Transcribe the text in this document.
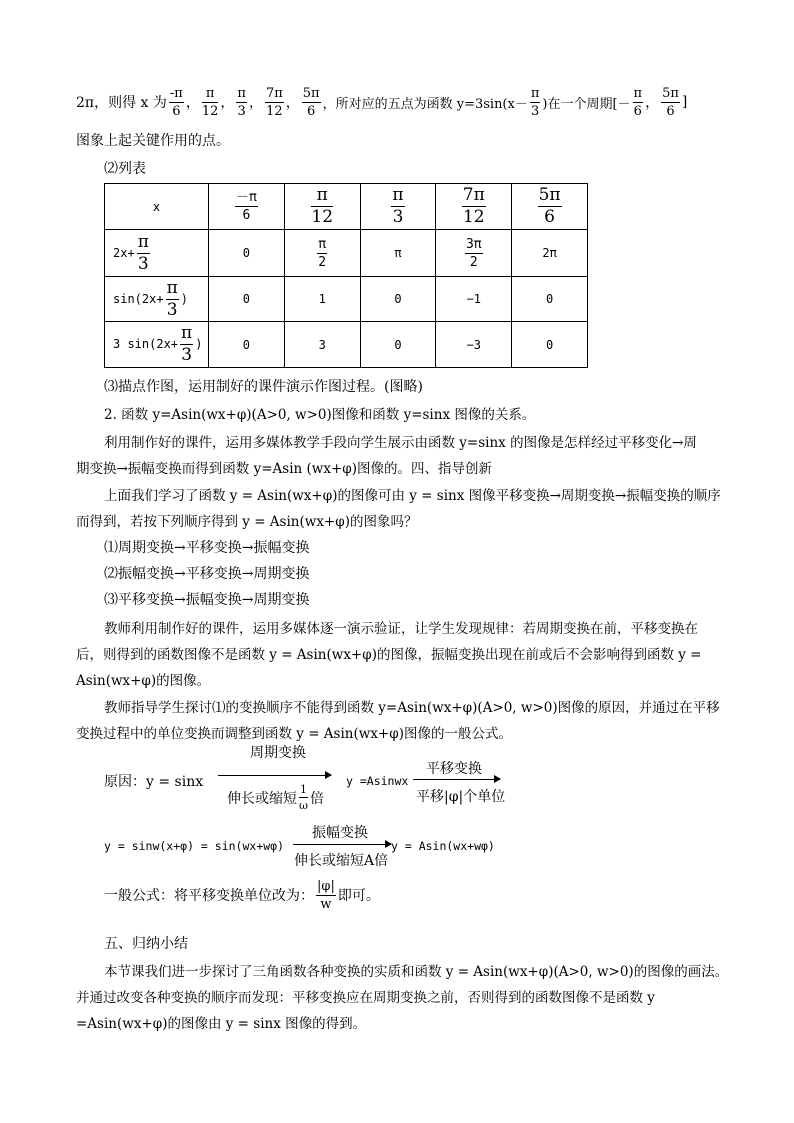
2π，则得 x 为 $\frac{-\pi}{6}$ ， $\frac{\pi}{12}$ ， $\frac{\pi}{3}$ ， $\frac{7\pi}{12}$ ， $\frac{5\pi}{6}$ ，所对应的五点为函数 $y=3\sin(x- \frac{\pi}{3}$ )在一个周期[－ $\frac{\pi}{6}$ ， $\frac{5\pi}{6}$ ]
图象上起关键作用的点。
⑵列表
x	$\frac{-\pi}{6}$	$\frac{\pi}{12}$	$\frac{\pi}{3}$	$\frac{7\pi}{12}$	$\frac{5\pi}{6}$

$2x+ \frac{\pi}{3}$	0	$\frac{\pi}{2}$	π	$\frac{3\pi}{2}$	2π
$\sin(2x+ \frac{\pi}{3}$ )	0	1	0	−1	0
3 $\sin(2x+ \frac{\pi}{3}$ )	0	3	0	−3	0
⑶描点作图，运用制好的课件演示作图过程。(图略)
2. 函数 y=Asin(wx+φ)(A>0, w>0)图像和函数 y=sinx 图像的关系。
利用制作好的课件，运用多媒体教学手段向学生展示由函数 y=sinx 的图像是怎样经过平移变化→周
期变换→振幅变换而得到函数 y=Asin (wx+φ)图像的。四、指导创新
上面我们学习了函数 y = Asin(wx+φ)的图像可由 y = sinx 图像平移变换→周期变换→振幅变换的顺序
而得到，若按下列顺序得到 y = Asin(wx+φ)的图象吗？
⑴周期变换→平移变换→振幅变换
⑵振幅变换→平移变换→周期变换
⑶平移变换→振幅变换→周期变换
教师利用制作好的课件，运用多媒体逐一演示验证，让学生发现规律：若周期变换在前，平移变换在
后，则得到的函数图像不是函数 y = Asin(wx+φ)的图像，振幅变换出现在前或后不会影响得到函数 y =
Asin(wx+φ)的图像。
教师指导学生探讨⑴的变换顺序不能得到函数 y=Asin(wx+φ)(A>0, w>0)图像的原因，并通过在平移
变换过程中的单位变换而调整到函数 y = Asin(wx+φ)图像的一般公式。
原因：y = sinx
周期变换
伸长或缩短 $\frac{1}{\omega}$ 倍
y =Asinwx
平移变换
平移|φ|个单位
y = sinw(x+φ) = sin(wx+wφ)
振幅变换
伸长或缩短A倍
y = Asin(wx+wφ)
一般公式：将平移变换单位改为： $\frac{|\varphi|}{w}$ 即可。
五、归纳小结
本节课我们进一步探讨了三角函数各种变换的实质和函数 y = Asin(wx+φ)(A>0, w>0)的图像的画法。
并通过改变各种变换的顺序而发现：平移变换应在周期变换之前，否则得到的函数图像不是函数 y
=Asin(wx+φ)的图像由 y = sinx 图像的得到。
